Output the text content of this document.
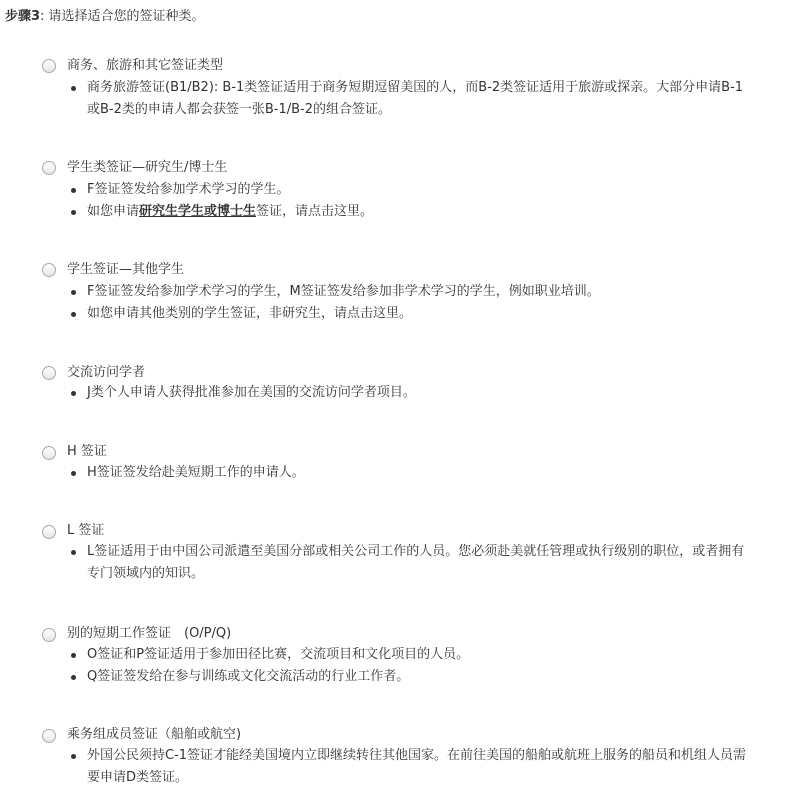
步骤3: 请选择适合您的签证种类。
商务、旅游和其它签证类型
商务旅游签证(B1/B2): B-1类签证适用于商务短期逗留美国的人，而B-2类签证适用于旅游或探亲。大部分申请B-1或B-2类的申请人都会获签一张B-1/B-2的组合签证。
学生类签证—研究生/博士生
F签证签发给参加学术学习的学生。
如您申请研究生学生或博士生签证，请点击这里。
学生签证—其他学生
F签证签发给参加学术学习的学生，M签证签发给参加非学术学习的学生，例如职业培训。
如您申请其他类别的学生签证，非研究生，请点击这里。
交流访问学者
J类个人申请人获得批准参加在美国的交流访问学者项目。
H 签证
H签证签发给赴美短期工作的申请人。
L 签证
L签证适用于由中国公司派遣至美国分部或相关公司工作的人员。您必须赴美就任管理或执行级别的职位，或者拥有专门领域内的知识。
别的短期工作签证　(O/P/Q)
O签证和P签证适用于参加田径比赛，交流项目和文化项目的人员。
Q签证签发给在参与训练或文化交流活动的行业工作者。
乘务组成员签证（船舶或航空)
外国公民须持C-1签证才能经美国境内立即继续转往其他国家。在前往美国的船舶或航班上服务的船员和机组人员需要申请D类签证。
